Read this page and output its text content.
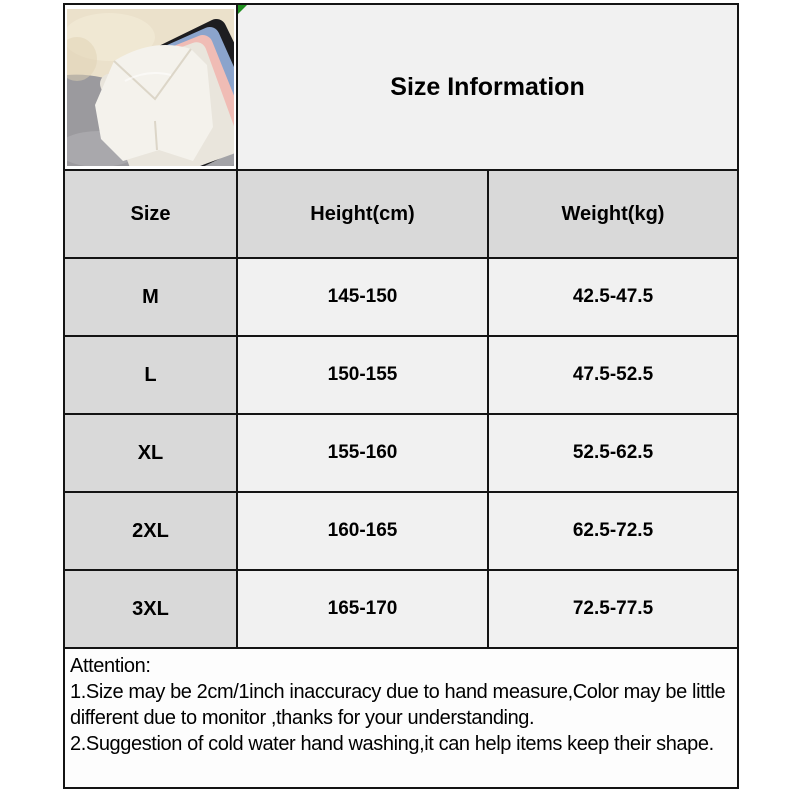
Size Information	
Size	Height(cm)	Weight(kg)
M	145-150	42.5-47.5
L	150-155	47.5-52.5
XL	155-160	52.5-62.5
2XL	160-165	62.5-72.5
3XL	165-170	72.5-77.5

Attention:
1.Size may be 2cm/1inch inaccuracy due to hand measure,Color may be little
different due to monitor ,thanks for your understanding.
2.Suggestion of cold water hand washing,it can help items keep their shape.		
